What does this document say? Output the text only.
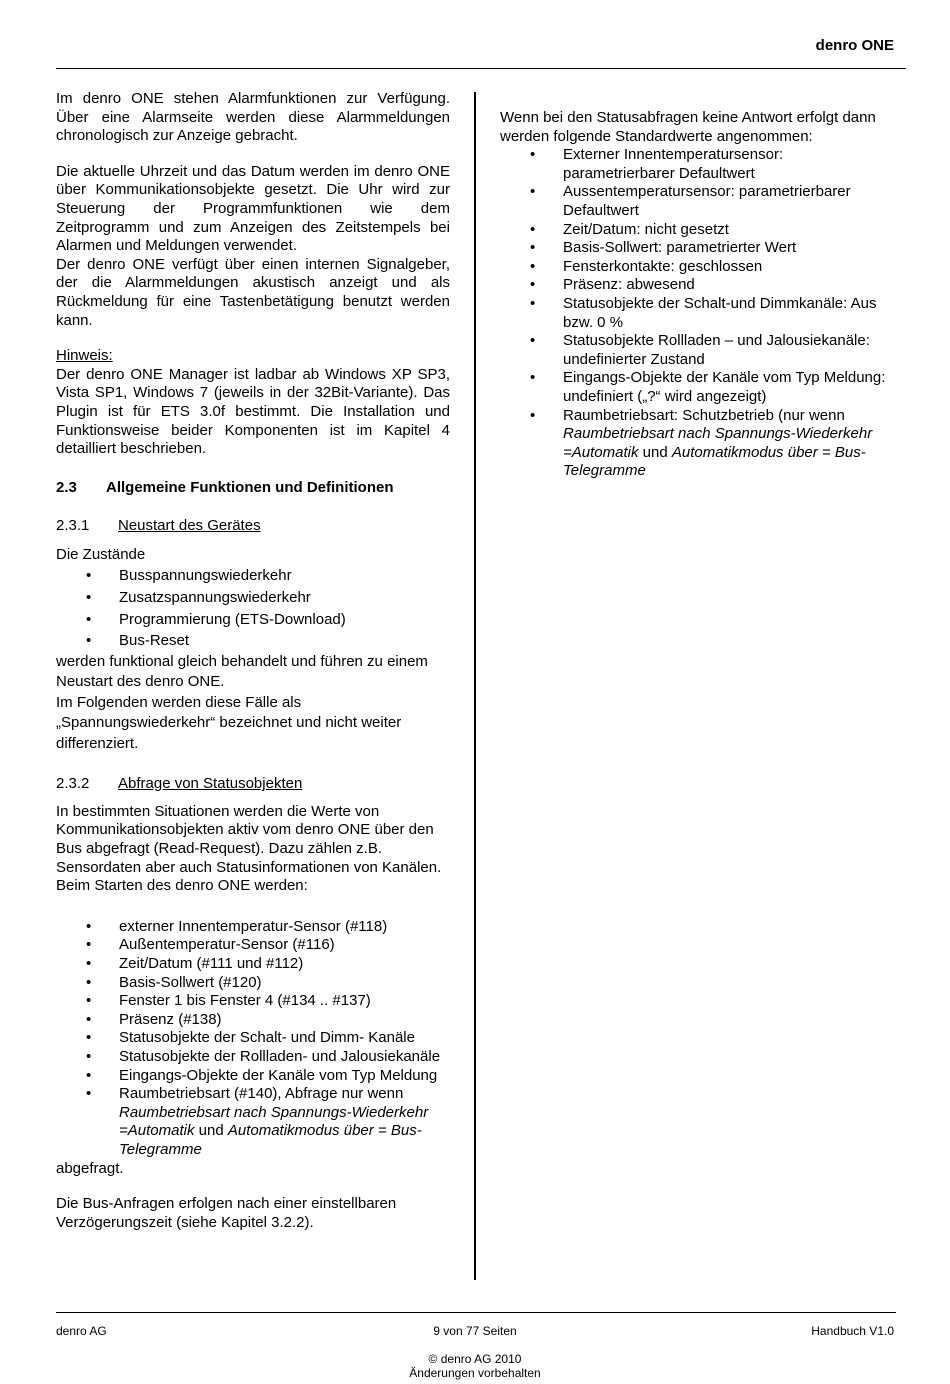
denro ONE

Im denro ONE stehen Alarmfunktionen zur Verfügung. Über eine Alarmseite werden diese Alarmmeldungen chronologisch zur Anzeige gebracht.

Die aktuelle Uhrzeit und das Datum werden im denro ONE über Kommunikationsobjekte gesetzt. Die Uhr wird zur Steuerung der Programmfunktionen wie dem Zeitprogramm und zum Anzeigen des Zeitstempels bei Alarmen und Meldungen verwendet.

Der denro ONE verfügt über einen internen Signalgeber, der die Alarmmeldungen akustisch anzeigt und als Rückmeldung für eine Tastenbetätigung benutzt werden kann.

Hinweis:

Der denro ONE Manager ist ladbar ab Windows XP SP3, Vista SP1, Windows 7 (jeweils in der 32Bit-Variante). Das Plugin ist für ETS 3.0f bestimmt. Die Installation und Funktionsweise beider Komponenten ist im Kapitel 4 detailliert beschrieben.

2.3 Allgemeine Funktionen und Definitionen

2.3.1 Neustart des Gerätes

Die Zustände

• Busspannungswiederkehr
• Zusatzspannungswiederkehr
• Programmierung (ETS-Download)
• Bus-Reset

werden funktional gleich behandelt und führen zu einem Neustart des denro ONE.

Im Folgenden werden diese Fälle als „Spannungswiederkehr“ bezeichnet und nicht weiter differenziert.

2.3.2 Abfrage von Statusobjekten

In bestimmten Situationen werden die Werte von Kommunikationsobjekten aktiv vom denro ONE über den Bus abgefragt (Read-Request). Dazu zählen z.B. Sensordaten aber auch Statusinformationen von Kanälen.

Beim Starten des denro ONE werden:

• externer Innentemperatur-Sensor (#118)
• Außentemperatur-Sensor (#116)
• Zeit/Datum (#111 und #112)
• Basis-Sollwert (#120)
• Fenster 1 bis Fenster 4 (#134 .. #137)
• Präsenz (#138)
• Statusobjekte der Schalt- und Dimm- Kanäle
• Statusobjekte der Rollladen- und Jalousiekanäle
• Eingangs-Objekte der Kanäle vom Typ Meldung
• Raumbetriebsart (#140), Abfrage nur wenn Raumbetriebsart nach Spannungs-Wiederkehr =Automatik und Automatikmodus über = Bus-Telegramme

abgefragt.

Die Bus-Anfragen erfolgen nach einer einstellbaren Verzögerungszeit (siehe Kapitel 3.2.2).

Wenn bei den Statusabfragen keine Antwort erfolgt dann werden folgende Standardwerte angenommen:

• Externer Innentemperatursensor: parametrierbarer Defaultwert
• Aussentemperatursensor: parametrierbarer Defaultwert
• Zeit/Datum: nicht gesetzt
• Basis-Sollwert: parametrierter Wert
• Fensterkontakte: geschlossen
• Präsenz: abwesend
• Statusobjekte der Schalt-und Dimmkanäle: Aus bzw. 0 %
• Statusobjekte Rollladen – und Jalousiekanäle: undefinierter Zustand
• Eingangs-Objekte der Kanäle vom Typ Meldung: undefiniert („?“ wird angezeigt)
• Raumbetriebsart: Schutzbetrieb (nur wenn Raumbetriebsart nach Spannungs-Wiederkehr =Automatik und Automatikmodus über = Bus-Telegramme
denro AG	9 von 77 Seiten	Handbuch V1.0
© denro AG 2010
Änderungen vorbehalten
